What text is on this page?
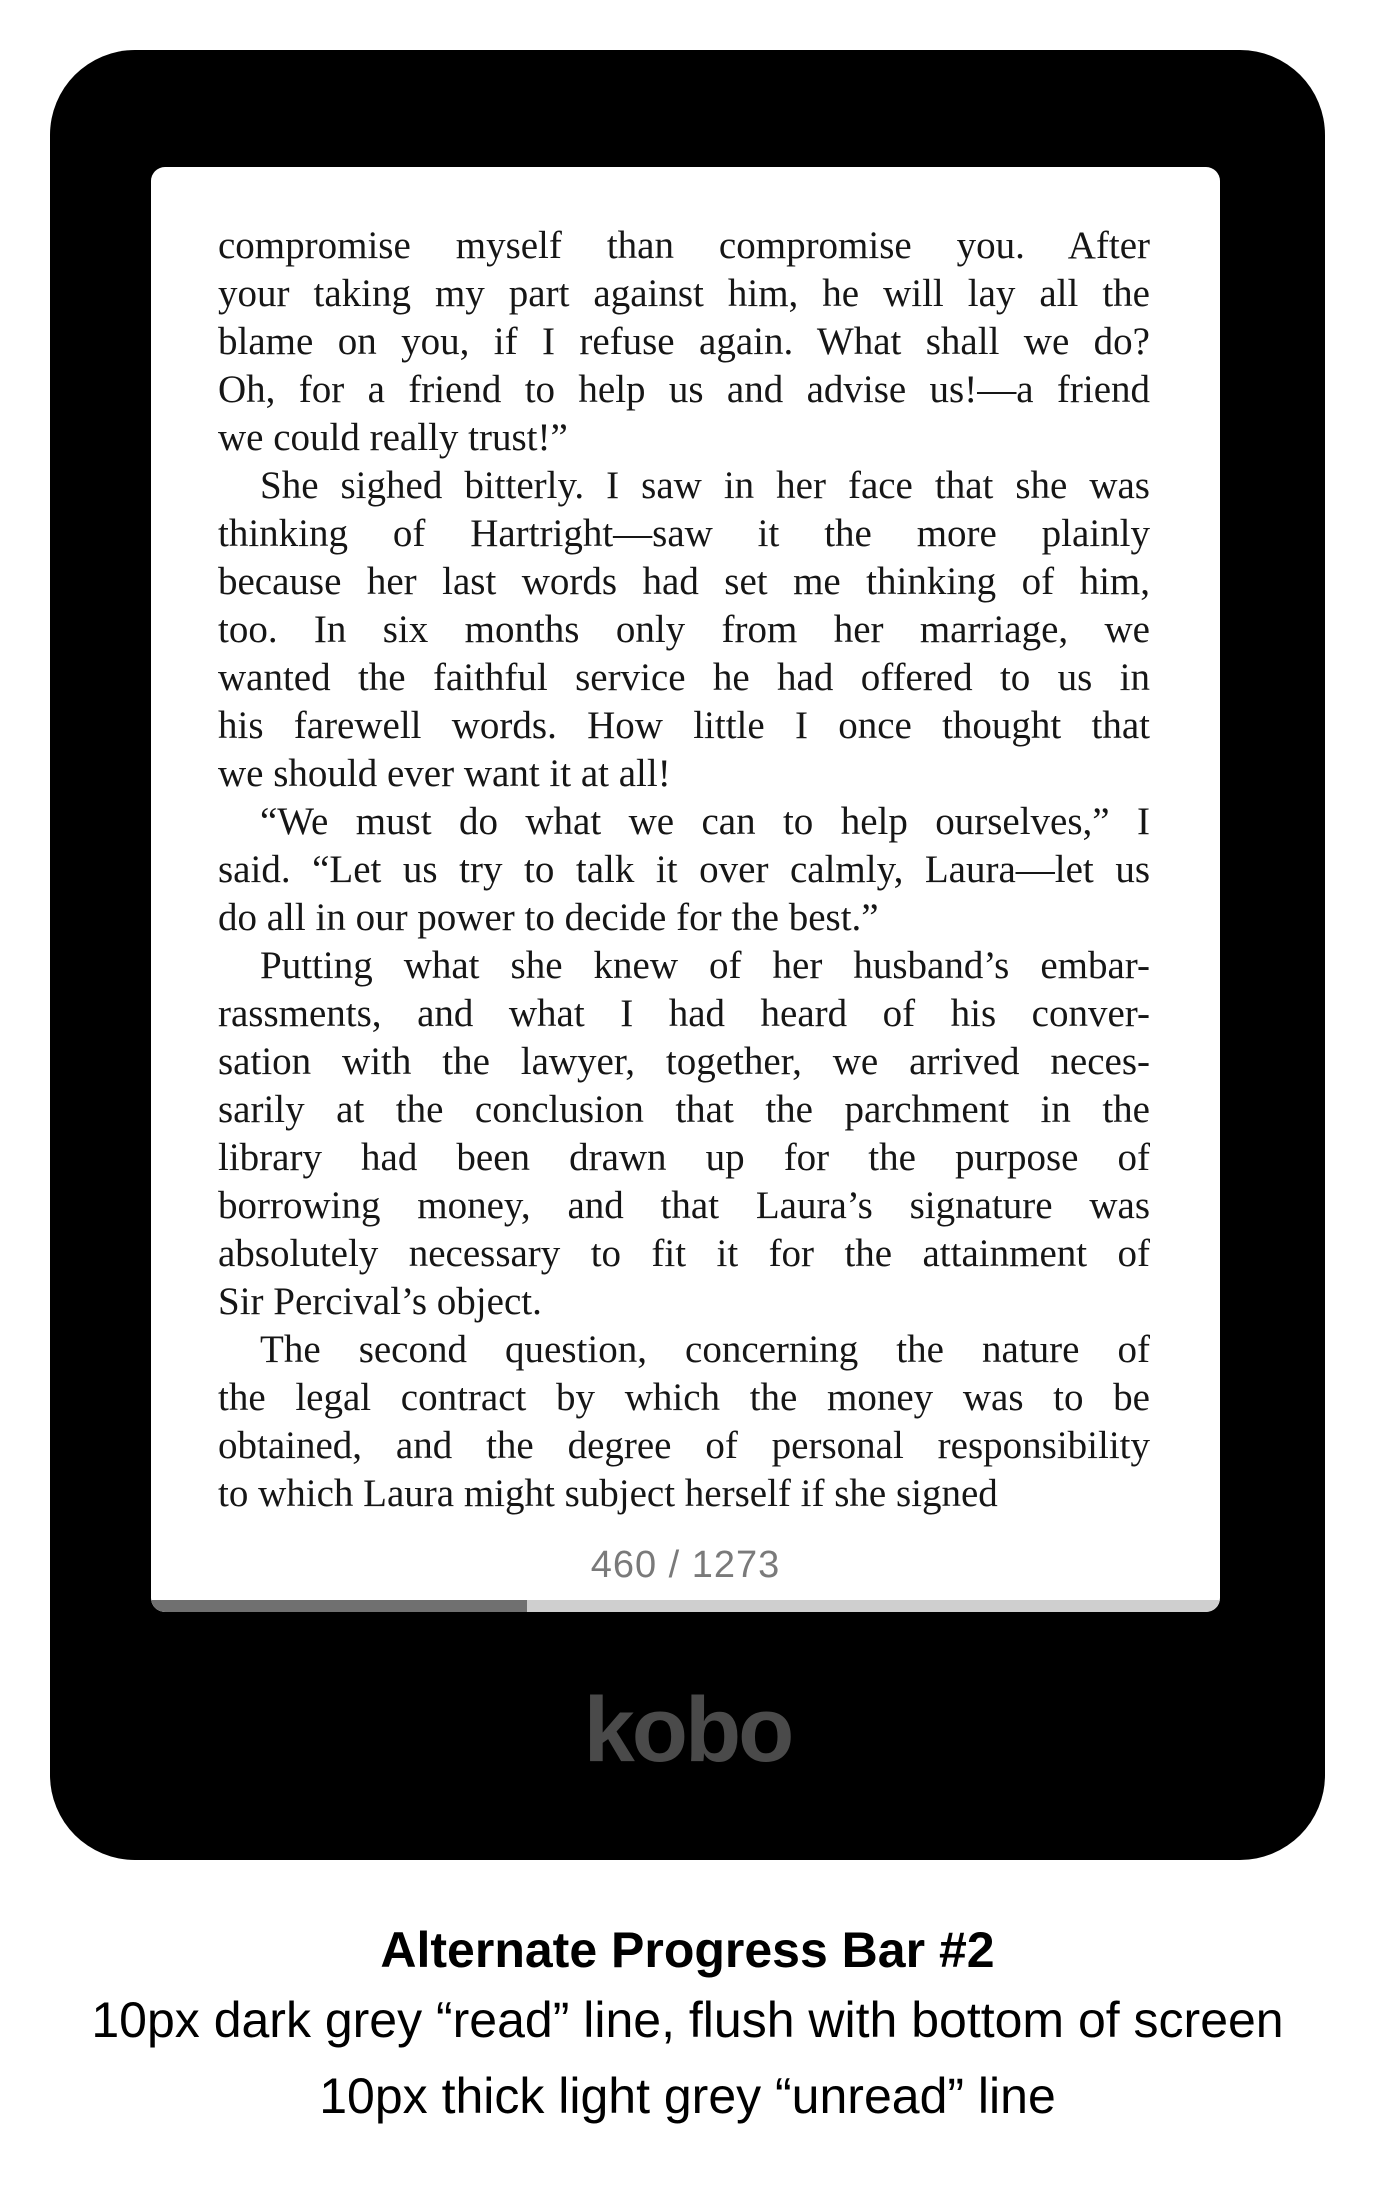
compromise myself than compromise you. After
your taking my part against him, he will lay all the
blame on you, if I refuse again. What shall we do?
Oh, for a friend to help us and advise us!—a friend
we could really trust!”
She sighed bitterly. I saw in her face that she was
thinking of Hartright—saw it the more plainly
because her last words had set me thinking of him,
too. In six months only from her marriage, we
wanted the faithful service he had offered to us in
his farewell words. How little I once thought that
we should ever want it at all!
“We must do what we can to help ourselves,” I
said. “Let us try to talk it over calmly, Laura—let us
do all in our power to decide for the best.”
Putting what she knew of her husband’s embar-
rassments, and what I had heard of his conver-
sation with the lawyer, together, we arrived neces-
sarily at the conclusion that the parchment in the
library had been drawn up for the purpose of
borrowing money, and that Laura’s signature was
absolutely necessary to fit it for the attainment of
Sir Percival’s object.
The second question, concerning the nature of
the legal contract by which the money was to be
obtained, and the degree of personal responsibility
to which Laura might subject herself if she signed
460 / 1273
kobo
Alternate Progress Bar #2
10px dark grey “read” line, flush with bottom of screen
10px thick light grey “unread” line
